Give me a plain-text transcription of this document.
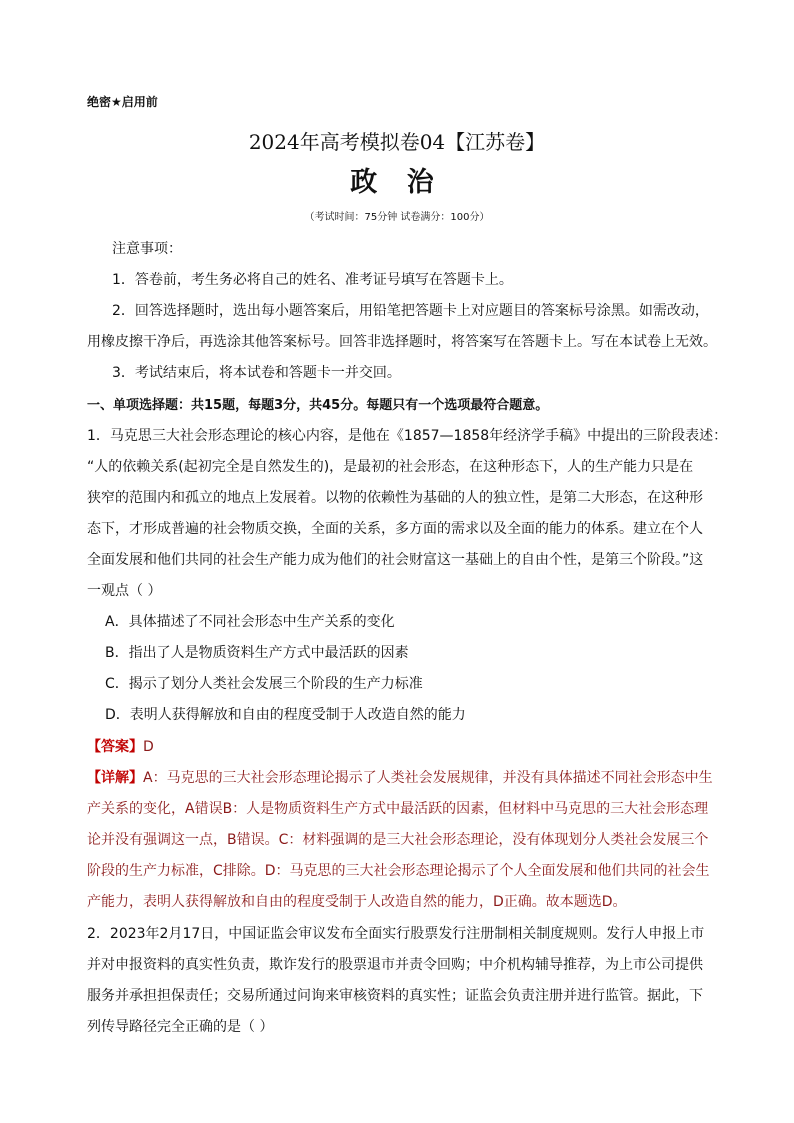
绝密★启用前
2024年高考模拟卷04【江苏卷】
政 治
（考试时间：75分钟 试卷满分：100分）
注意事项：
1．答卷前，考生务必将自己的姓名、准考证号填写在答题卡上。
2．回答选择题时，选出每小题答案后，用铅笔把答题卡上对应题目的答案标号涂黑。如需改动，
用橡皮擦干净后，再选涂其他答案标号。回答非选择题时，将答案写在答题卡上。写在本试卷上无效。
3．考试结束后，将本试卷和答题卡一并交回。
一、单项选择题：共15题，每题3分，共45分。每题只有一个选项最符合题意。
1．马克思三大社会形态理论的核心内容，是他在《1857—1858年经济学手稿》中提出的三阶段表述：
“人的依赖关系(起初完全是自然发生的)，是最初的社会形态，在这种形态下，人的生产能力只是在
狭窄的范围内和孤立的地点上发展着。以物的依赖性为基础的人的独立性，是第二大形态，在这种形
态下，才形成普遍的社会物质交换，全面的关系，多方面的需求以及全面的能力的体系。建立在个人
全面发展和他们共同的社会生产能力成为他们的社会财富这一基础上的自由个性，是第三个阶段。”这
一观点（ ）
A．具体描述了不同社会形态中生产关系的变化
B．指出了人是物质资料生产方式中最活跃的因素
C．揭示了划分人类社会发展三个阶段的生产力标准
D．表明人获得解放和自由的程度受制于人改造自然的能力
【答案】D
【详解】A：马克思的三大社会形态理论揭示了人类社会发展规律，并没有具体描述不同社会形态中生
产关系的变化，A错误B：人是物质资料生产方式中最活跃的因素，但材料中马克思的三大社会形态理
论并没有强调这一点，B错误。C：材料强调的是三大社会形态理论，没有体现划分人类社会发展三个
阶段的生产力标准，C排除。D：马克思的三大社会形态理论揭示了个人全面发展和他们共同的社会生
产能力，表明人获得解放和自由的程度受制于人改造自然的能力，D正确。故本题选D。
2．2023年2月17日，中国证监会审议发布全面实行股票发行注册制相关制度规则。发行人申报上市
并对申报资料的真实性负责，欺诈发行的股票退市并责令回购；中介机构辅导推荐，为上市公司提供
服务并承担担保责任；交易所通过问询来审核资料的真实性；证监会负责注册并进行监管。据此，下
列传导路径完全正确的是（ ）
